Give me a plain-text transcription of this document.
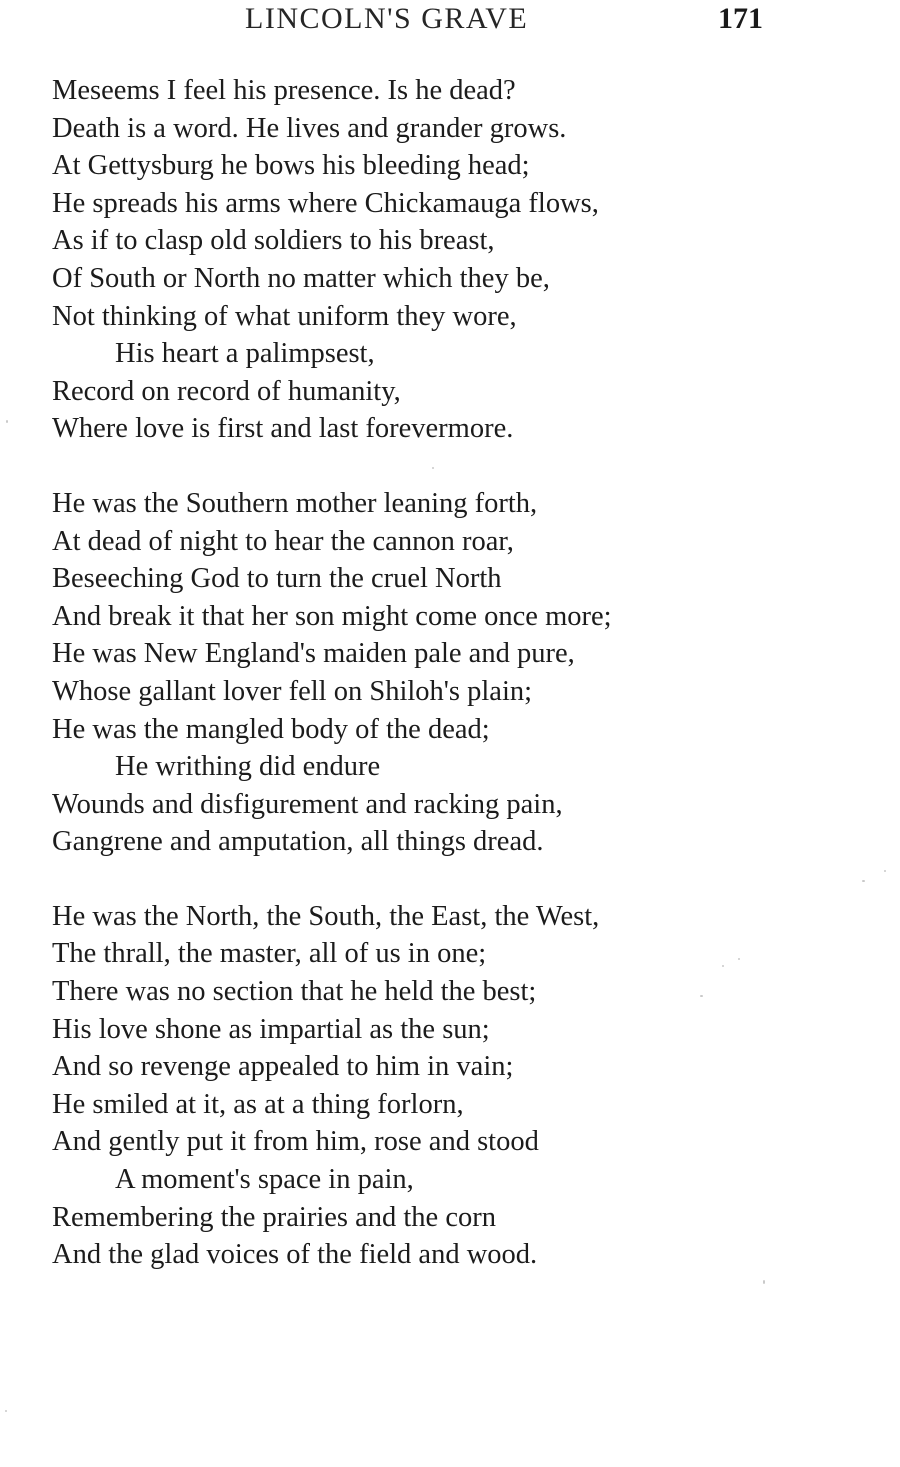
LINCOLN'S GRAVE	171
Meseems I feel his presence. Is he dead?
Death is a word. He lives and grander grows.
At Gettysburg he bows his bleeding head;
He spreads his arms where Chickamauga flows,
As if to clasp old soldiers to his breast,
Of South or North no matter which they be,
Not thinking of what uniform they wore,
His heart a palimpsest,
Record on record of humanity,
Where love is first and last forevermore.
He was the Southern mother leaning forth,
At dead of night to hear the cannon roar,
Beseeching God to turn the cruel North
And break it that her son might come once more;
He was New England's maiden pale and pure,
Whose gallant lover fell on Shiloh's plain;
He was the mangled body of the dead;
He writhing did endure
Wounds and disfigurement and racking pain,
Gangrene and amputation, all things dread.
He was the North, the South, the East, the West,
The thrall, the master, all of us in one;
There was no section that he held the best;
His love shone as impartial as the sun;
And so revenge appealed to him in vain;
He smiled at it, as at a thing forlorn,
And gently put it from him, rose and stood
A moment's space in pain,
Remembering the prairies and the corn
And the glad voices of the field and wood.
